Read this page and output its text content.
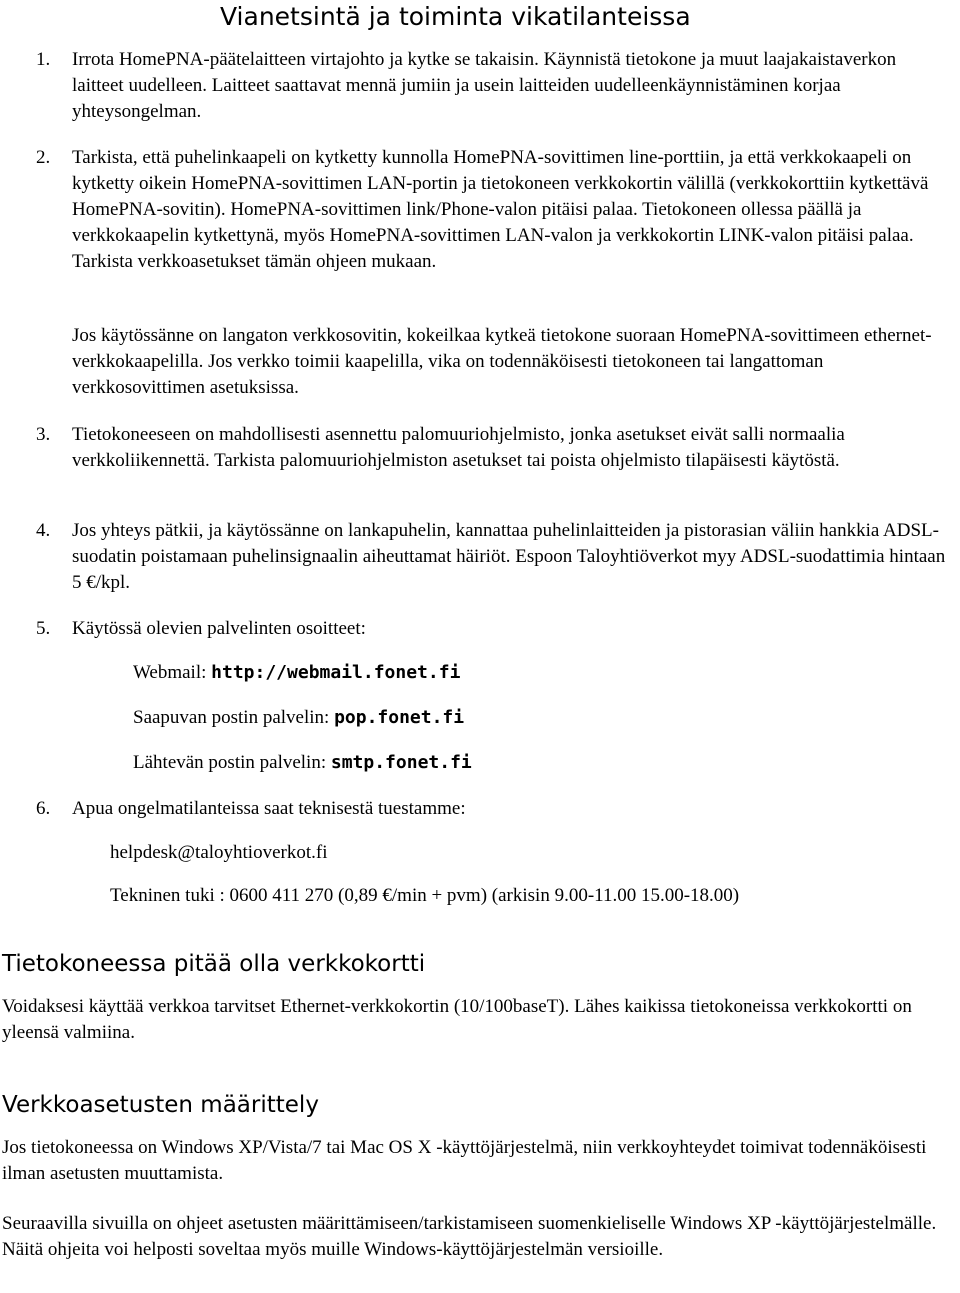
Vianetsintä ja toiminta vikatilanteissa
1. Irrota HomePNA-päätelaitteen virtajohto ja kytke se takaisin. Käynnistä tietokone ja muut laajakaistaverkon laitteet uudelleen. Laitteet saattavat mennä jumiin ja usein laitteiden uudelleenkäynnistäminen korjaa yhteysongelman.

2. Tarkista, että puhelinkaapeli on kytketty kunnolla HomePNA-sovittimen line-porttiin, ja että verkkokaapeli on kytketty oikein HomePNA-sovittimen LAN-portin ja tietokoneen verkkokortin välillä (verkkokorttiin kytkettävä HomePNA-sovitin). HomePNA-sovittimen link/Phone-valon pitäisi palaa. Tietokoneen ollessa päällä ja verkkokaapelin kytkettynä, myös HomePNA-sovittimen LAN-valon ja verkkokortin LINK-valon pitäisi palaa. Tarkista verkkoasetukset tämän ohjeen mukaan.

Jos käytössänne on langaton verkkosovitin, kokeilkaa kytkeä tietokone suoraan HomePNA-sovittimeen ethernet-verkkokaapelilla. Jos verkko toimii kaapelilla, vika on todennäköisesti tietokoneen tai langattoman verkkosovittimen asetuksissa.

3. Tietokoneeseen on mahdollisesti asennettu palomuuriohjelmisto, jonka asetukset eivät salli normaalia verkkoliikennettä. Tarkista palomuuriohjelmiston asetukset tai poista ohjelmisto tilapäisesti käytöstä.

4. Jos yhteys pätkii, ja käytössänne on lankapuhelin, kannattaa puhelinlaitteiden ja pistorasian väliin hankkia ADSL-suodatin poistamaan puhelinsignaalin aiheuttamat häiriöt. Espoon Taloyhtiöverkot myy ADSL-suodattimia hintaan 5 €/kpl.

5. Käytössä olevien palvelinten osoitteet:

Webmail: http://webmail.fonet.fi
Saapuvan postin palvelin: pop.fonet.fi
Lähtevän postin palvelin: smtp.fonet.fi
6. Apua ongelmatilanteissa saat teknisestä tuestamme:

helpdesk@taloyhtioverkot.fi
Tekninen tuki : 0600 411 270 (0,89 €/min + pvm) (arkisin 9.00-11.00 15.00-18.00)
Tietokoneessa pitää olla verkkokortti

Voidaksesi käyttää verkkoa tarvitset Ethernet-verkkokortin (10/100baseT). Lähes kaikissa tietokoneissa verkkokortti on yleensä valmiina.

Verkkoasetusten määrittely

Jos tietokoneessa on Windows XP/Vista/7 tai Mac OS X -käyttöjärjestelmä, niin verkkoyhteydet toimivat todennäköisesti ilman asetusten muuttamista.

Seuraavilla sivuilla on ohjeet asetusten määrittämiseen/tarkistamiseen suomenkieliselle Windows XP -käyttöjärjestelmälle. Näitä ohjeita voi helposti soveltaa myös muille Windows-käyttöjärjestelmän versioille.
